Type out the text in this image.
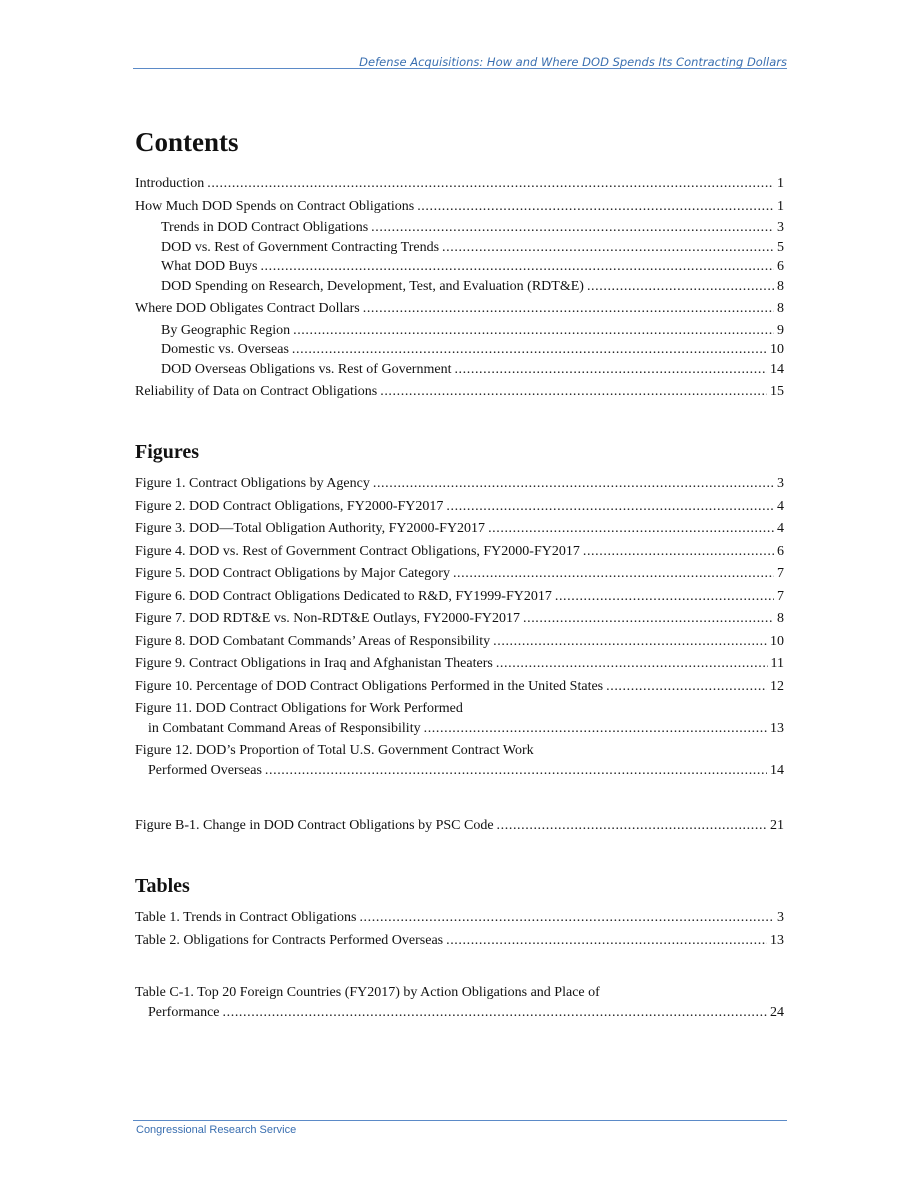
Defense Acquisitions: How and Where DOD Spends Its Contracting Dollars
Contents
Introduction .....	1
How Much DOD Spends on Contract Obligations .....	1
Trends in DOD Contract Obligations .....	3
DOD vs. Rest of Government Contracting Trends .....	5
What DOD Buys .....	6
DOD Spending on Research, Development, Test, and Evaluation (RDT&E) .....	8
Where DOD Obligates Contract Dollars .....	8
By Geographic Region .....	9
Domestic vs. Overseas .....	10
DOD Overseas Obligations vs. Rest of Government .....	14
Reliability of Data on Contract Obligations .....	15
Figures
Figure 1. Contract Obligations by Agency .....	3
Figure 2. DOD Contract Obligations, FY2000-FY2017 .....	4
Figure 3. DOD—Total Obligation Authority, FY2000-FY2017 .....	4
Figure 4. DOD vs. Rest of Government Contract Obligations, FY2000-FY2017 .....	6
Figure 5. DOD Contract Obligations by Major Category .....	7
Figure 6. DOD Contract Obligations Dedicated to R&D, FY1999-FY2017 .....	7
Figure 7. DOD RDT&E vs. Non-RDT&E Outlays, FY2000-FY2017 .....	8
Figure 8. DOD Combatant Commands’ Areas of Responsibility .....	10
Figure 9. Contract Obligations in Iraq and Afghanistan Theaters .....	11
Figure 10. Percentage of DOD Contract Obligations Performed in the United States .....	12
Figure 11. DOD Contract Obligations for Work Performed
in Combatant Command Areas of Responsibility .....	13
Figure 12. DOD’s Proportion of Total U.S. Government Contract Work
Performed Overseas .....	14
Figure B-1. Change in DOD Contract Obligations by PSC Code .....	21
Tables
Table 1. Trends in Contract Obligations .....	3
Table 2. Obligations for Contracts Performed Overseas .....	13
Table C-1. Top 20 Foreign Countries (FY2017) by Action Obligations and Place of
Performance .....	24
Congressional Research Service
